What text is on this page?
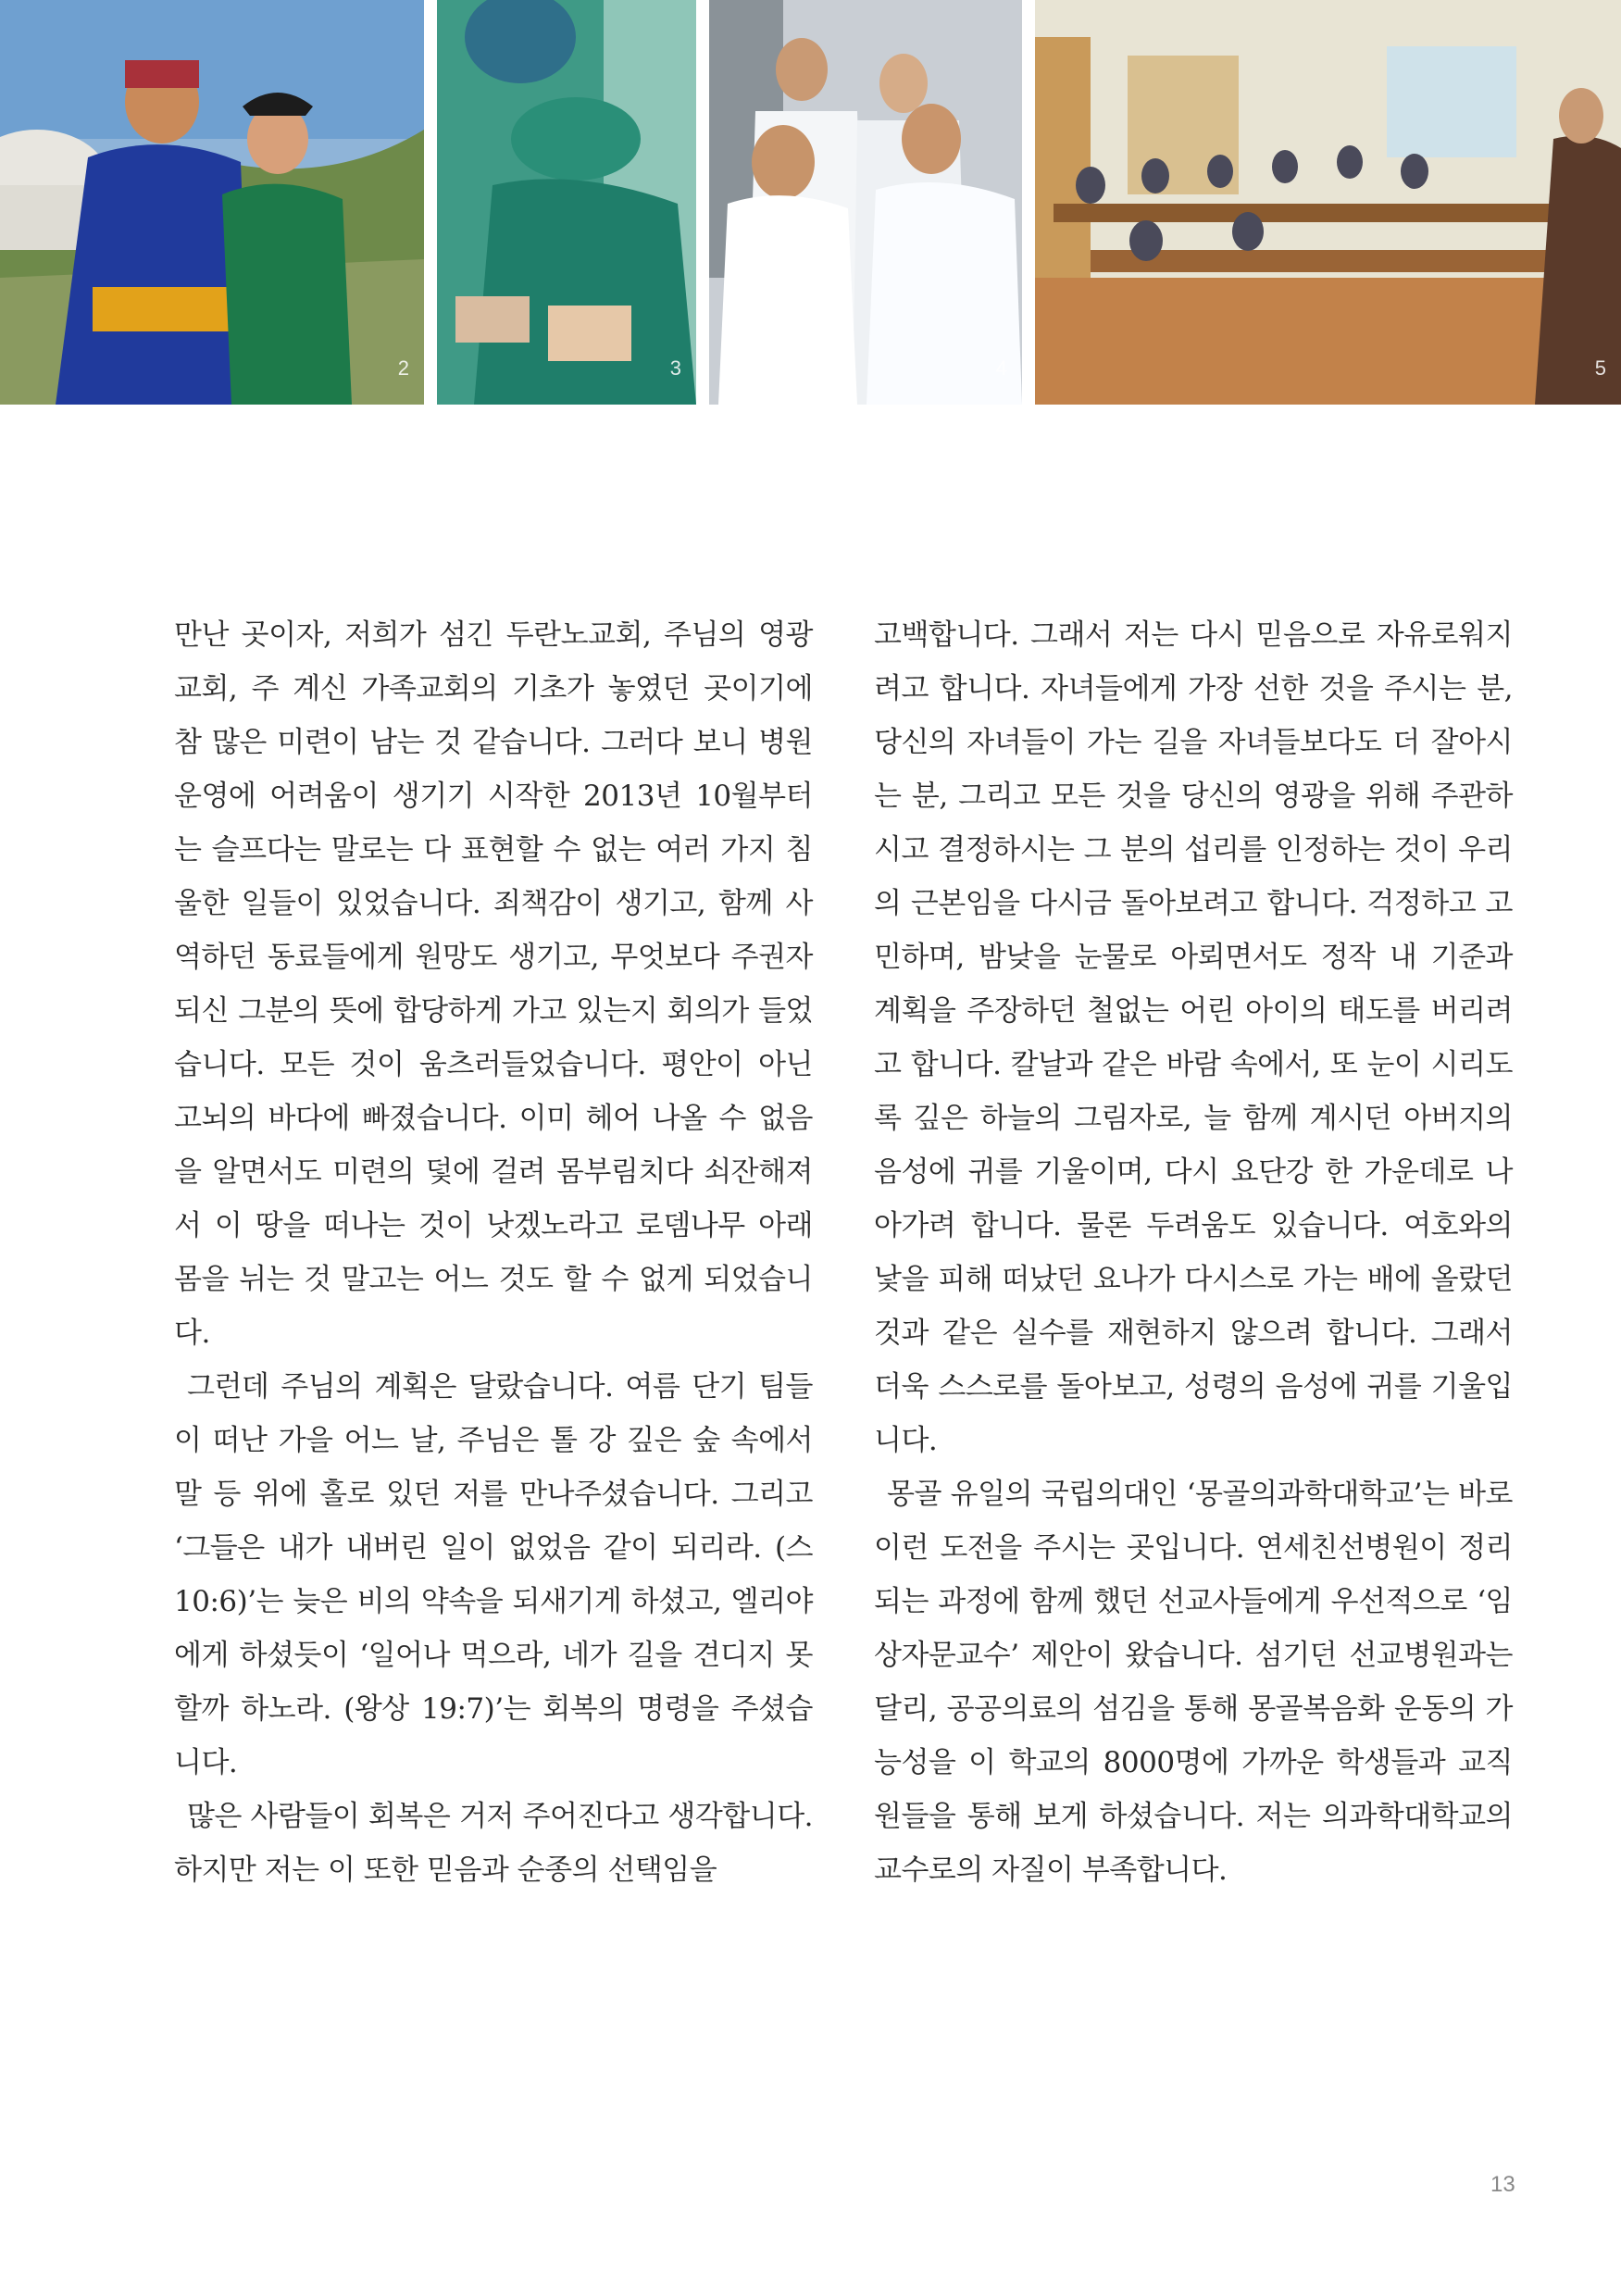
2	3	4	5

만난 곳이자, 저희가 섬긴 두란노교회, 주님의 영광교회, 주 계신 가족교회의 기초가 놓였던 곳이기에 참 많은 미련이 남는 것 같습니다. 그러다 보니 병원 운영에 어려움이 생기기 시작한 2013년 10월부터는 슬프다는 말로는 다 표현할 수 없는 여러 가지 침울한 일들이 있었습니다. 죄책감이 생기고, 함께 사역하던 동료들에게 원망도 생기고, 무엇보다 주권자 되신 그분의 뜻에 합당하게 가고 있는지 회의가 들었습니다. 모든 것이 움츠러들었습니다. 평안이 아닌 고뇌의 바다에 빠졌습니다. 이미 헤어 나올 수 없음을 알면서도 미련의 덫에 걸려 몸부림치다 쇠잔해져서 이 땅을 떠나는 것이 낫겠노라고 로뎀나무 아래 몸을 뉘는 것 말고는 어느 것도 할 수 없게 되었습니다.

그런데 주님의 계획은 달랐습니다. 여름 단기 팀들이 떠난 가을 어느 날, 주님은 톨 강 깊은 숲 속에서 말 등 위에 홀로 있던 저를 만나주셨습니다. 그리고 ‘그들은 내가 내버린 일이 없었음 같이 되리라. (스10:6)’는 늦은 비의 약속을 되새기게 하셨고, 엘리야에게 하셨듯이 ‘일어나 먹으라, 네가 길을 견디지 못할까 하노라. (왕상 19:7)’는 회복의 명령을 주셨습니다.

많은 사람들이 회복은 거저 주어진다고 생각합니다. 하지만 저는 이 또한 믿음과 순종의 선택임을

고백합니다. 그래서 저는 다시 믿음으로 자유로워지려고 합니다. 자녀들에게 가장 선한 것을 주시는 분, 당신의 자녀들이 가는 길을 자녀들보다도 더 잘아시는 분, 그리고 모든 것을 당신의 영광을 위해 주관하시고 결정하시는 그 분의 섭리를 인정하는 것이 우리의 근본임을 다시금 돌아보려고 합니다. 걱정하고 고민하며, 밤낮을 눈물로 아뢰면서도 정작 내 기준과 계획을 주장하던 철없는 어린 아이의 태도를 버리려고 합니다. 칼날과 같은 바람 속에서, 또 눈이 시리도록 깊은 하늘의 그림자로, 늘 함께 계시던 아버지의 음성에 귀를 기울이며, 다시 요단강 한 가운데로 나아가려 합니다. 물론 두려움도 있습니다. 여호와의 낯을 피해 떠났던 요나가 다시스로 가는 배에 올랐던 것과 같은 실수를 재현하지 않으려 합니다. 그래서 더욱 스스로를 돌아보고, 성령의 음성에 귀를 기울입니다.

몽골 유일의 국립의대인 ‘몽골의과학대학교’는 바로 이런 도전을 주시는 곳입니다. 연세친선병원이 정리되는 과정에 함께 했던 선교사들에게 우선적으로 ‘임상자문교수’ 제안이 왔습니다. 섬기던 선교병원과는 달리, 공공의료의 섬김을 통해 몽골복음화 운동의 가능성을 이 학교의 8000명에 가까운 학생들과 교직원들을 통해 보게 하셨습니다. 저는 의과학대학교의 교수로의 자질이 부족합니다.

13
